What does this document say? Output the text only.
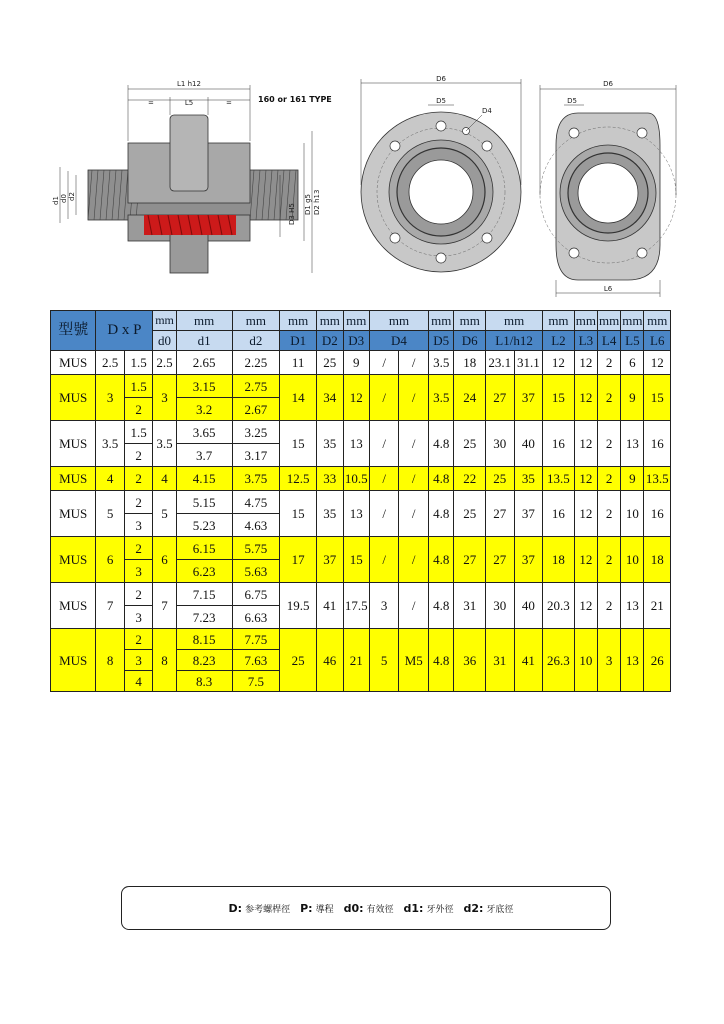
L1 h12
=	=
L5	160 or 161 TYPE
d1 d0 d2
D3 H5 D1 g5 D2 h13
D6
D5
D4
D6
D5
L6
型號	D x P		mm	mm	mm	mm	mm	mm	mm		mm	mm	mm		mm	mm	mm	mm	mm
			d0	d1	d2	D1	D2	D3	D4		D5	D6	L1/h12		L2	L3	L4	L5	L6
MUS	2.5	1.5	2.5	2.65	2.25	11	25	9	/	/	3.5	18	23.1	31.1	12	12	2	6	12
MUS	3	1.5	3	3.15	2.75	14	34	12	/	/	3.5	24	27	37	15	12	2	9	15
		2		3.2	2.67														
MUS	3.5	1.5	3.5	3.65	3.25	15	35	13	/	/	4.8	25	30	40	16	12	2	13	16
		2		3.7	3.17														
MUS	4	2	4	4.15	3.75	12.5	33	10.5	/	/	4.8	22	25	35	13.5	12	2	9	13.5
MUS	5	2	5	5.15	4.75	15	35	13	/	/	4.8	25	27	37	16	12	2	10	16
		3		5.23	4.63														
MUS	6	2	6	6.15	5.75	17	37	15	/	/	4.8	27	27	37	18	12	2	10	18
		3		6.23	5.63														
MUS	7	2	7	7.15	6.75	19.5	41	17.5	3	/	4.8	31	30	40	20.3	12	2	13	21
		3		7.23	6.63														
MUS	8	2	8	8.15	7.75	25	46	21	5	M5	4.8	36	31	41	26.3	10	3	13	26
		3		8.23	7.63														
		4		8.3	7.5														
D: 参考螺桿徑 P: 導程 d0: 有效徑 d1: 牙外徑 d2: 牙底徑
